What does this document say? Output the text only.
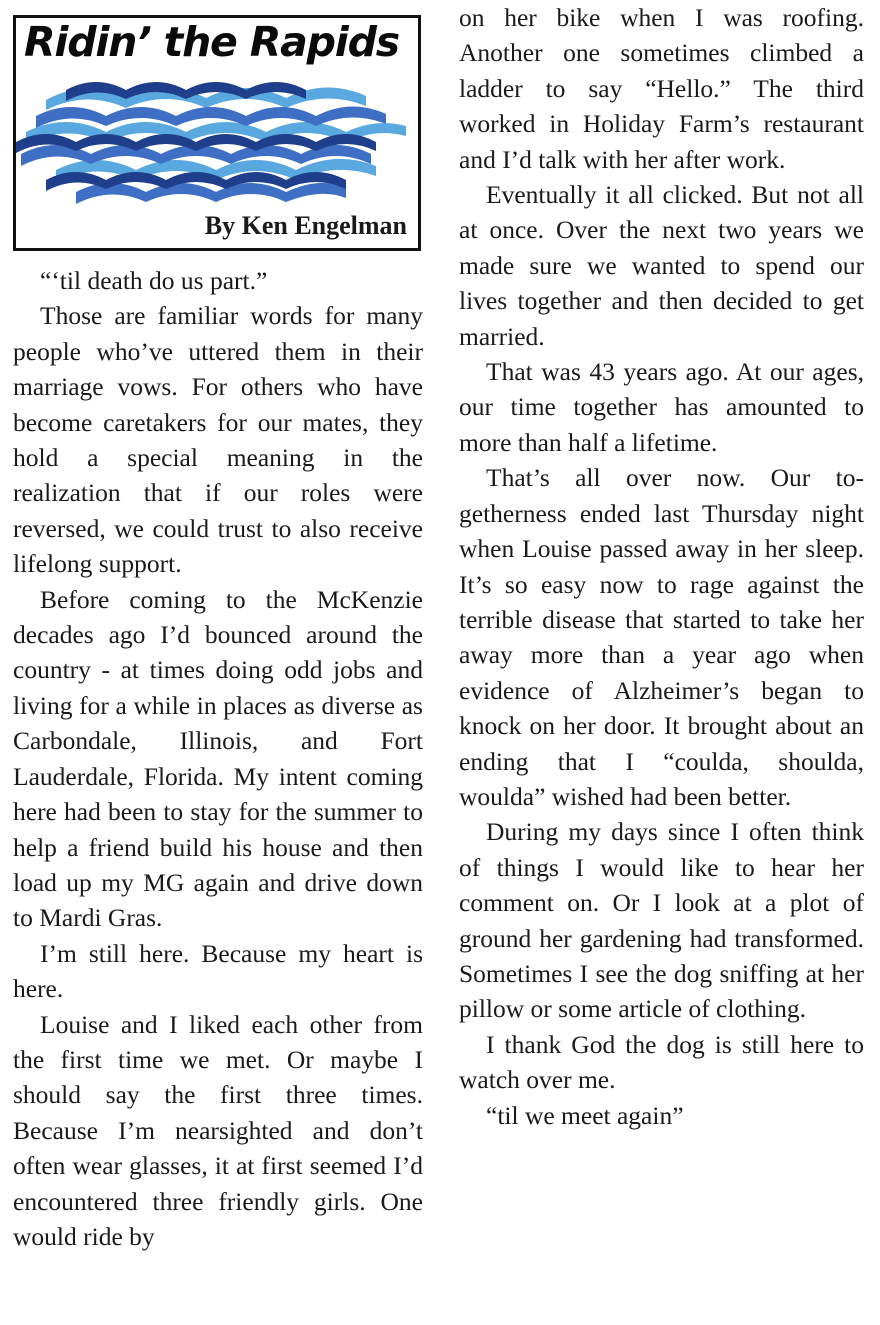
Ridin’ the Rapids
By Ken Engelman

“‘til death do us part.”

Those are familiar words for many people who’ve uttered them in their marriage vows. For others who have become caretakers for our mates, they hold a special meaning in the realization that if our roles were reversed, we could trust to also receive lifelong support.

Before coming to the McKenzie decades ago I’d bounced around the country - at times doing odd jobs and living for a while in places as diverse as Carbondale, Illinois, and Fort Lauderdale, Florida. My intent coming here had been to stay for the summer to help a friend build his house and then load up my MG again and drive down to Mardi Gras.

I’m still here. Because my heart is here.

Louise and I liked each other from the first time we met. Or maybe I should say the first three times. Because I’m nearsighted and don’t often wear glasses, it at first seemed I’d encountered three friendly girls. One would ride by

on her bike when I was roofing. Another one sometimes climbed a ladder to say “Hello.” The third worked in Holiday Farm’s restaurant and I’d talk with her after work.

Eventually it all clicked. But not all at once. Over the next two years we made sure we wanted to spend our lives together and then decided to get married.

That was 43 years ago. At our ages, our time together has amounted to more than half a lifetime.

That’s all over now. Our to-getherness ended last Thursday night when Louise passed away in her sleep. It’s so easy now to rage against the terrible disease that started to take her away more than a year ago when evidence of Alzheimer’s began to knock on her door. It brought about an ending that I “coulda, shoulda, woulda” wished had been better.

During my days since I often think of things I would like to hear her comment on. Or I look at a plot of ground her gardening had transformed. Sometimes I see the dog sniffing at her pillow or some article of clothing.

I thank God the dog is still here to watch over me.

“til we meet again”
